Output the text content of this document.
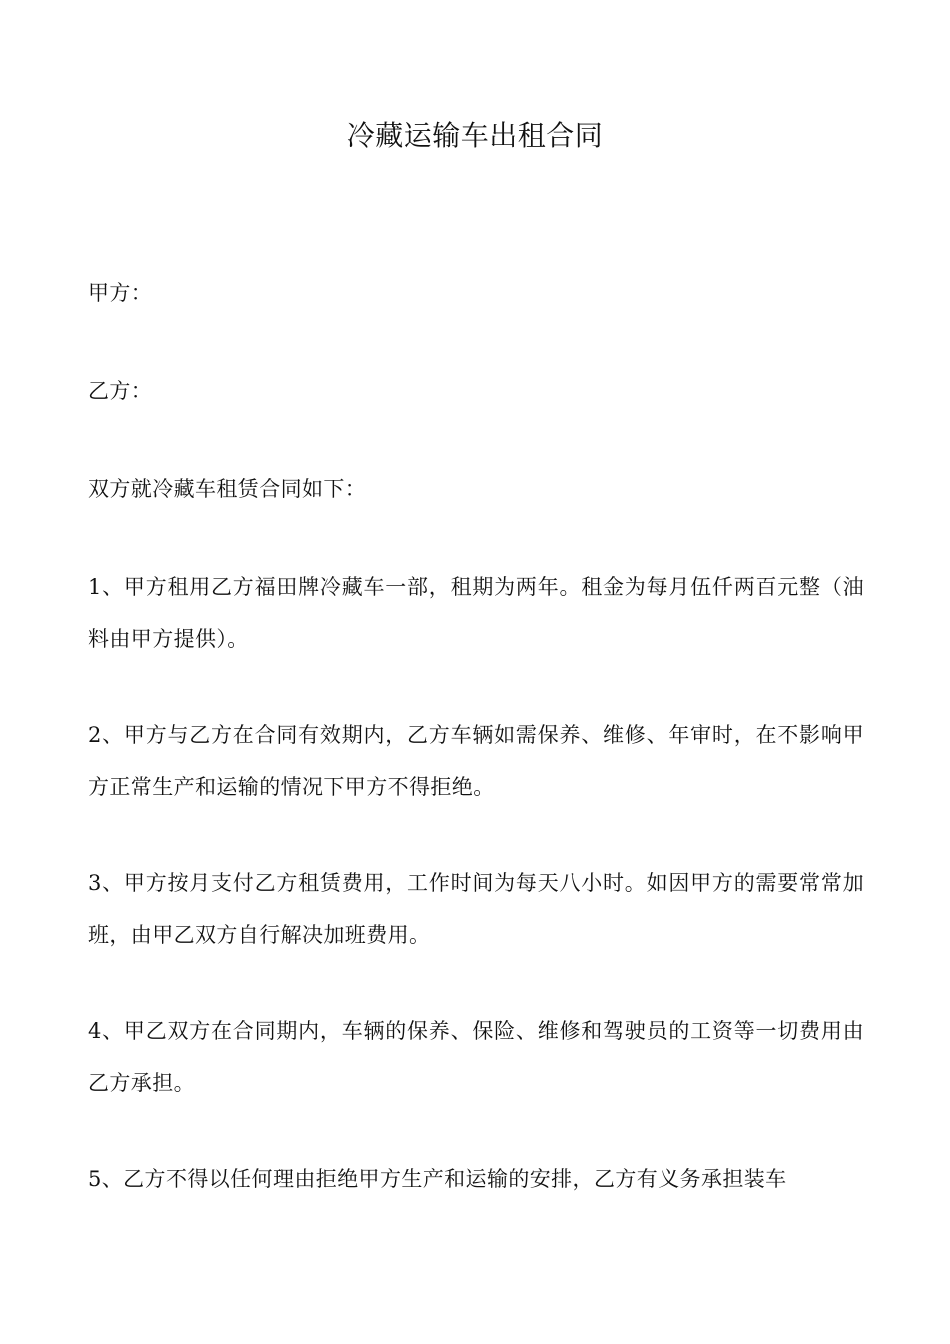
冷藏运输车出租合同

甲方：

乙方：

双方就冷藏车租赁合同如下：

1、甲方租用乙方福田牌冷藏车一部，租期为两年。租金为每月伍仟两百元整（油料由甲方提供）。

2、甲方与乙方在合同有效期内，乙方车辆如需保养、维修、年审时，在不影响甲方正常生产和运输的情况下甲方不得拒绝。

3、甲方按月支付乙方租赁费用，工作时间为每天八小时。如因甲方的需要常常加班，由甲乙双方自行解决加班费用。

4、甲乙双方在合同期内，车辆的保养、保险、维修和驾驶员的工资等一切费用由乙方承担。

5、乙方不得以任何理由拒绝甲方生产和运输的安排，乙方有义务承担装车
